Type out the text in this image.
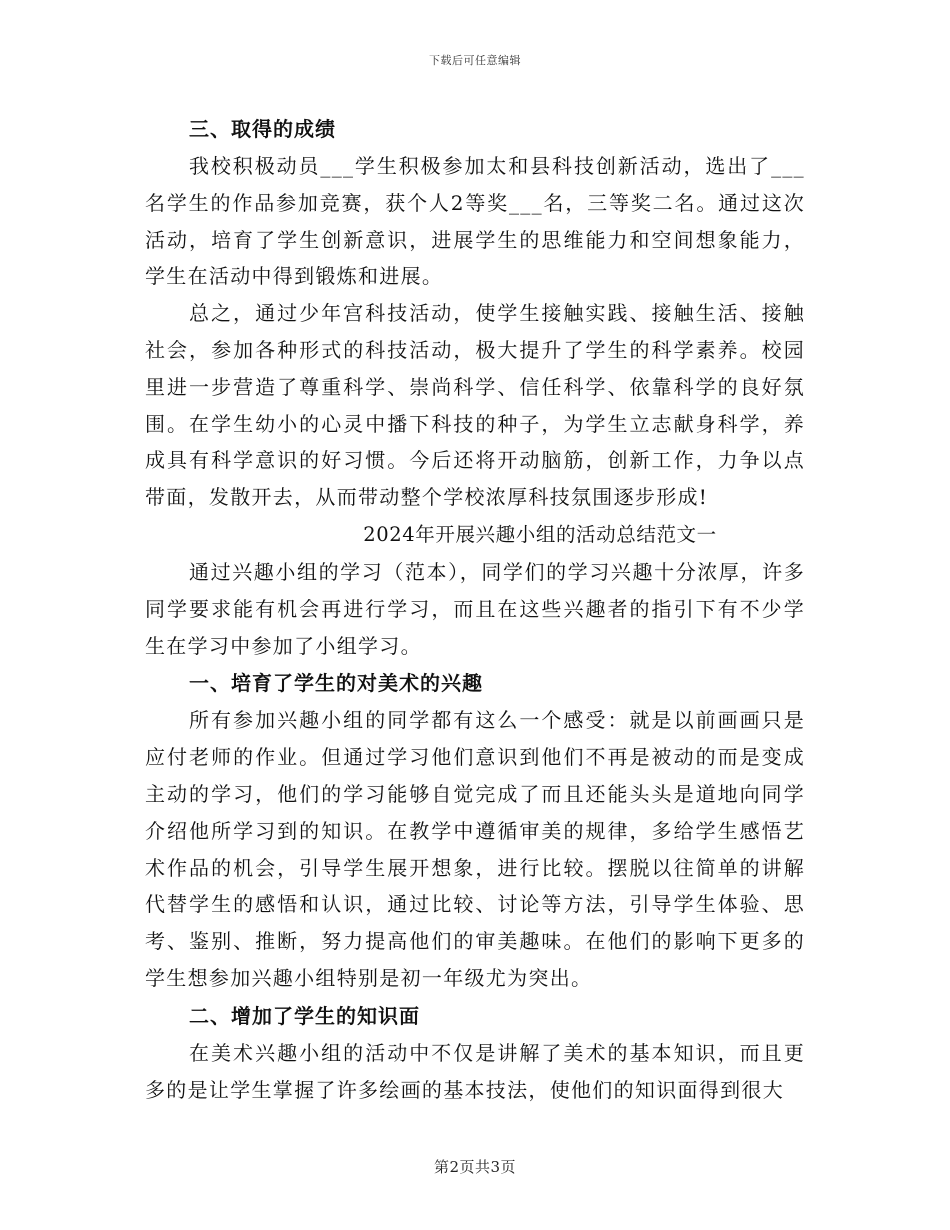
下载后可任意编辑

三、取得的成绩

我校积极动员___学生积极参加太和县科技创新活动，选出了___名学生的作品参加竞赛，获个人2等奖___名，三等奖二名。通过这次活动，培育了学生创新意识，进展学生的思维能力和空间想象能力，学生在活动中得到锻炼和进展。

总之，通过少年宫科技活动，使学生接触实践、接触生活、接触社会，参加各种形式的科技活动，极大提升了学生的科学素养。校园里进一步营造了尊重科学、崇尚科学、信任科学、依靠科学的良好氛围。在学生幼小的心灵中播下科技的种子，为学生立志献身科学，养成具有科学意识的好习惯。今后还将开动脑筋，创新工作，力争以点带面，发散开去，从而带动整个学校浓厚科技氛围逐步形成!

2024年开展兴趣小组的活动总结范文一

通过兴趣小组的学习（范本），同学们的学习兴趣十分浓厚，许多同学要求能有机会再进行学习，而且在这些兴趣者的指引下有不少学生在学习中参加了小组学习。

一、培育了学生的对美术的兴趣

所有参加兴趣小组的同学都有这么一个感受：就是以前画画只是应付老师的作业。但通过学习他们意识到他们不再是被动的而是变成主动的学习，他们的学习能够自觉完成了而且还能头头是道地向同学介绍他所学习到的知识。在教学中遵循审美的规律，多给学生感悟艺术作品的机会，引导学生展开想象，进行比较。摆脱以往简单的讲解代替学生的感悟和认识，通过比较、讨论等方法，引导学生体验、思考、鉴别、推断，努力提高他们的审美趣味。在他们的影响下更多的学生想参加兴趣小组特别是初一年级尤为突出。

二、增加了学生的知识面

在美术兴趣小组的活动中不仅是讲解了美术的基本知识，而且更多的是让学生掌握了许多绘画的基本技法，使他们的知识面得到很大

第2页共3页
